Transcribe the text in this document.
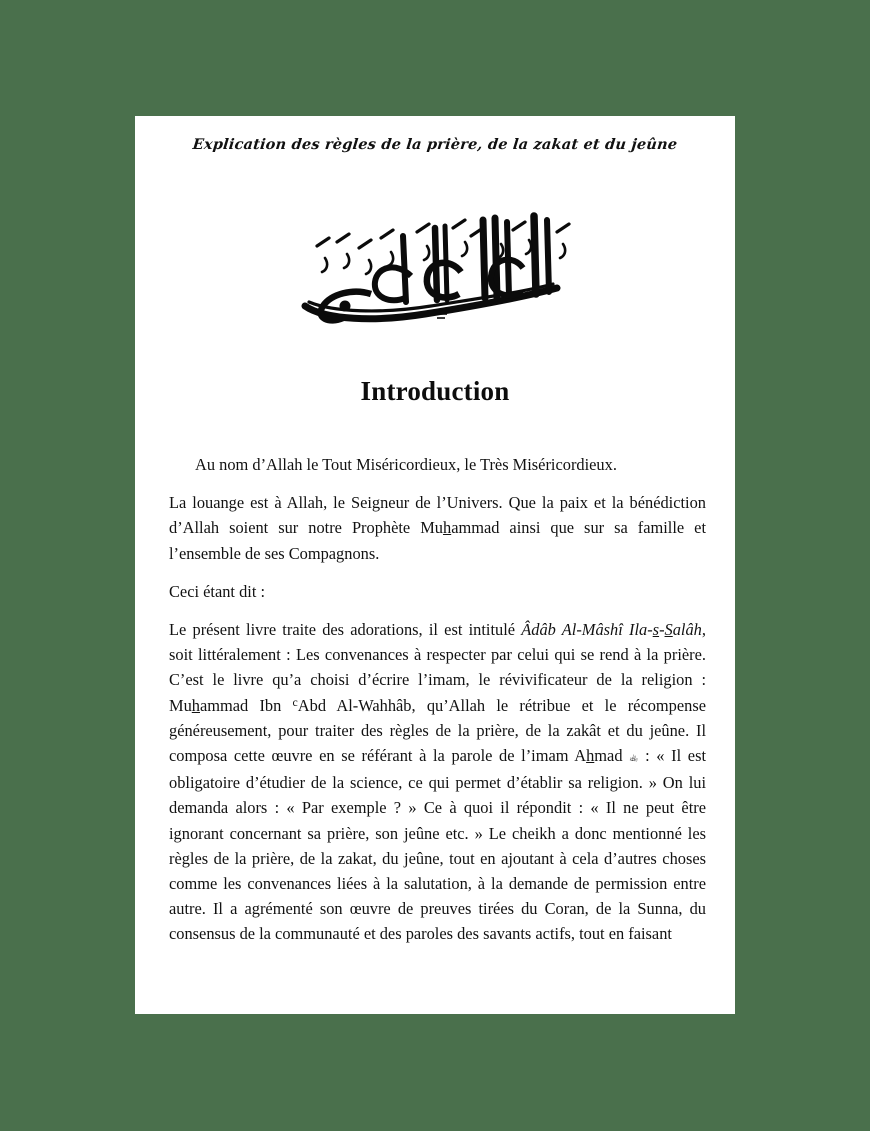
Explication des règles de la prière, de la zakat et du jeûne
Introduction

Au nom d’Allah le Tout Miséricordieux, le Très Miséricordieux.

La louange est à Allah, le Seigneur de l’Univers. Que la paix et la bénédiction d’Allah soient sur notre Prophète Muhammad ainsi que sur sa famille et l’ensemble de ses Compagnons.

Ceci étant dit :

Le présent livre traite des adorations, il est intitulé Âdâb Al-Mâshî Ila-s-Salâh, soit littéralement : Les convenances à respecter par celui qui se rend à la prière. C’est le livre qu’a choisi d’écrire l’imam, le révivificateur de la religion : Muhammad Ibn $^c$Abd Al-Wahhâb, qu’Allah le rétribue et le récompense généreusement, pour traiter des règles de la prière, de la zakât et du jeûne. Il composa cette œuvre en se référant à la parole de l’imam Ahmad ﵀ : « Il est obligatoire d’étudier de la science, ce qui permet d’établir sa religion. » On lui demanda alors : « Par exemple ? » Ce à quoi il répondit : « Il ne peut être ignorant concernant sa prière, son jeûne etc. » Le cheikh a donc mentionné les règles de la prière, de la zakat, du jeûne, tout en ajoutant à cela d’autres choses comme les convenances liées à la salutation, à la demande de permission entre autre. Il a agrémenté son œuvre de preuves tirées du Coran, de la Sunna, du consensus de la communauté et des paroles des savants actifs, tout en faisant
